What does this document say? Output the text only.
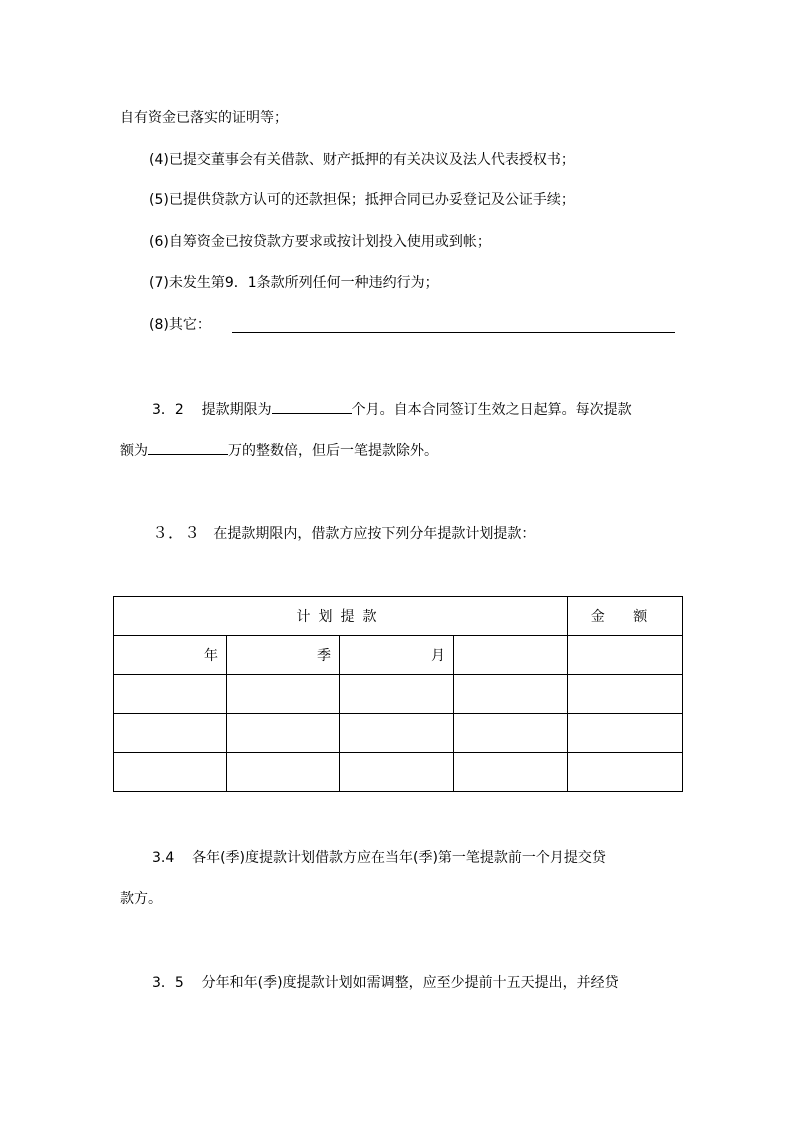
自有资金已落实的证明等；
(4)已提交董事会有关借款、财产抵押的有关决议及法人代表授权书；
(5)已提供贷款方认可的还款担保；抵押合同已办妥登记及公证手续；
(6)自筹资金已按贷款方要求或按计划投入使用或到帐；
(7)未发生第9．1条款所列任何一种违约行为；
(8)其它：
3．2 提款期限为	个月。自本合同签订生效之日起算。每次提款
额为	万的整数倍，但后一笔提款除外。
３．３ 在提款期限内，借款方应按下列分年提款计划提款：
计划提款				金 额
年	季	月		

3.4 各年(季)度提款计划借款方应在当年(季)第一笔提款前一个月提交贷
款方。
3．5 分年和年(季)度提款计划如需调整，应至少提前十五天提出，并经贷
